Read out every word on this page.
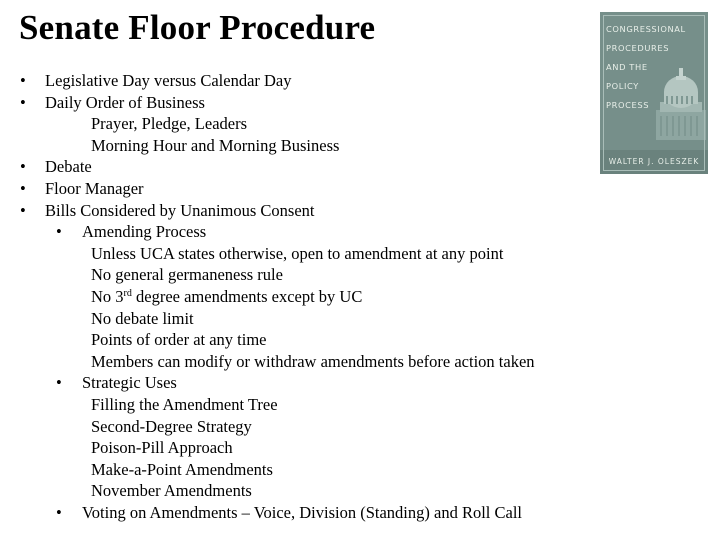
Senate Floor Procedure
• Legislative Day versus Calendar Day
• Daily Order of Business
Prayer, Pledge, Leaders
Morning Hour and Morning Business
• Debate
• Floor Manager
• Bills Considered by Unanimous Consent
• Amending Process
Unless UCA states otherwise, open to amendment at any point
No general germaneness rule
No 3rd degree amendments except by UC
No debate limit
Points of order at any time
Members can modify or withdraw amendments before action taken
• Strategic Uses
Filling the Amendment Tree
Second-Degree Strategy
Poison-Pill Approach
Make-a-Point Amendments
November Amendments
• Voting on Amendments – Voice, Division (Standing) and Roll Call
CONGRESSIONAL
PROCEDURES
AND THE
POLICY
PROCESS
WALTER J. OLESZEK
